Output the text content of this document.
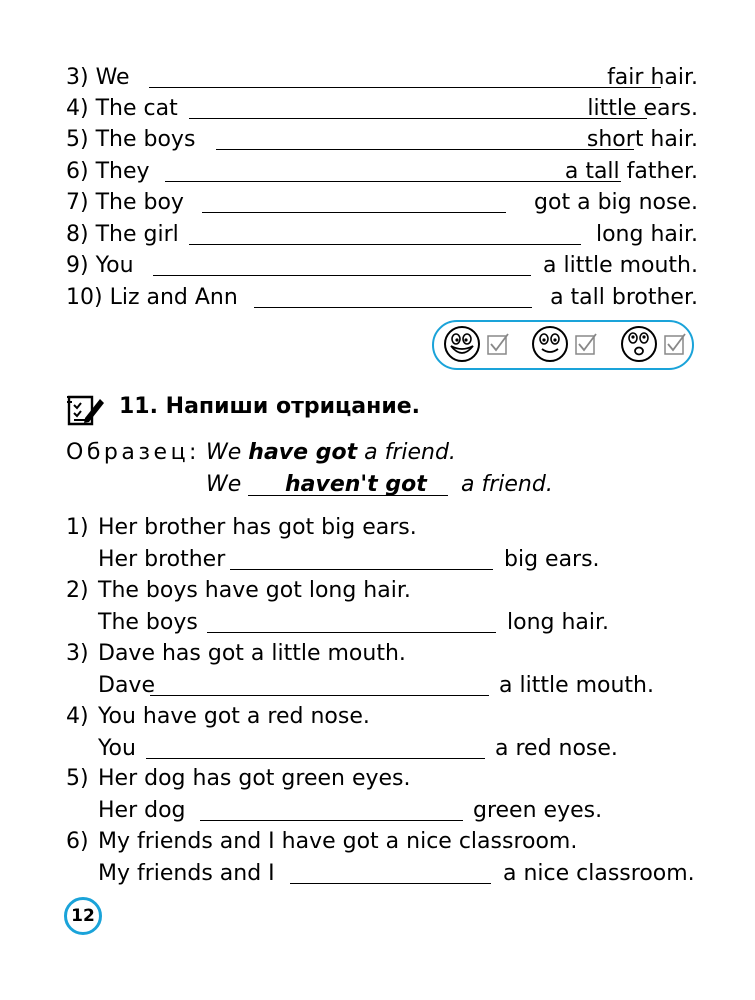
3) We	fair hair.
4) The cat	little ears.
5) The boys	short hair.
6) They	a tall father.
7) The boy	got a big nose.
8) The girl	long hair.
9) You	a little mouth.
10) Liz and Ann	a tall brother.
11. Напиши отрицание.
Образец: We have got a friend.
We haven't got a friend.
1) Her brother has got big ears.
Her brother	big ears.
2) The boys have got long hair.
The boys	long hair.
3) Dave has got a little mouth.
Dave	a little mouth.
4) You have got a red nose.
You	a red nose.
5) Her dog has got green eyes.
Her dog	green eyes.
6) My friends and I have got a nice classroom.
My friends and I	a nice classroom.
12
